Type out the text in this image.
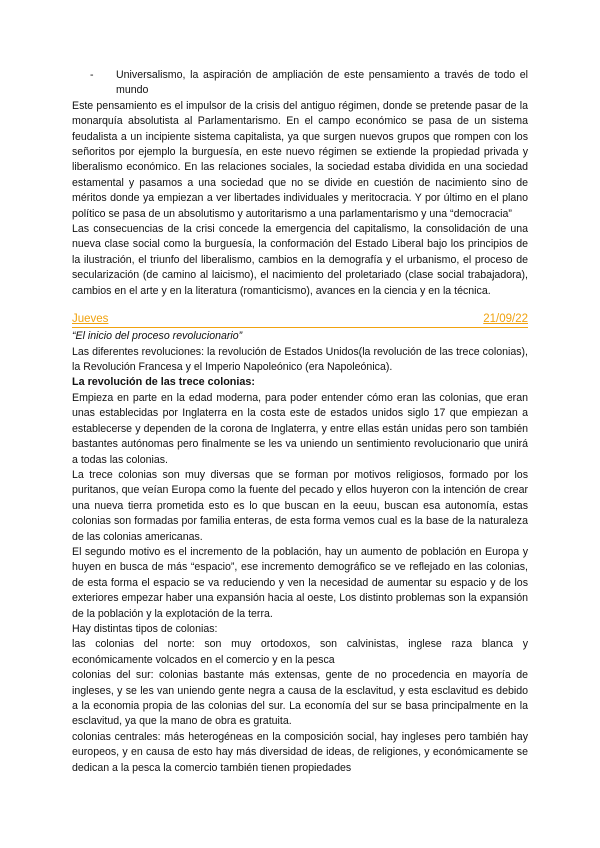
-	Universalismo, la aspiración de ampliación de este pensamiento a través de todo el mundo

Este pensamiento es el impulsor de la crisis del antiguo régimen, donde se pretende pasar de la monarquía absolutista al Parlamentarismo. En el campo económico se pasa de un sistema feudalista a un incipiente sistema capitalista, ya que surgen nuevos grupos que rompen con los señoritos por ejemplo la burguesía, en este nuevo régimen se extiende la propiedad privada y liberalismo económico. En las relaciones sociales, la sociedad estaba dividida en una sociedad estamental y pasamos a una sociedad que no se divide en cuestión de nacimiento sino de méritos donde ya empiezan a ver libertades individuales y meritocracia. Y por último en el plano político se pasa de un absolutismo y autoritarismo a una parlamentarismo y una “democracia”

Las consecuencias de la crisi concede la emergencia del capitalismo, la consolidación de una nueva clase social como la burguesía, la conformación del Estado Liberal bajo los principios de la ilustración, el triunfo del liberalismo, cambios en la demografía y el urbanismo, el proceso de secularización (de camino al laicismo), el nacimiento del proletariado (clase social trabajadora), cambios en el arte y en la literatura (romanticismo), avances en la ciencia y en la técnica.

Jueves	21/09/22

“El inicio del proceso revolucionario”

Las diferentes revoluciones: la revolución de Estados Unidos(la revolución de las trece colonias), la Revolución Francesa y el Imperio Napoleónico (era Napoleónica).

La revolución de las trece colonias:

Empieza en parte en la edad moderna, para poder entender cómo eran las colonias, que eran unas establecidas por Inglaterra en la costa este de estados unidos siglo 17 que empiezan a establecerse y dependen de la corona de Inglaterra, y entre ellas están unidas pero son también bastantes autónomas pero finalmente se les va uniendo un sentimiento revolucionario que unirá a todas las colonias.

La trece colonias son muy diversas que se forman por motivos religiosos, formado por los puritanos, que veían Europa como la fuente del pecado y ellos huyeron con la intención de crear una nueva tierra prometida esto es lo que buscan en la eeuu, buscan esa autonomía, estas colonias son formadas por familia enteras, de esta forma vemos cual es la base de la naturaleza de las colonias americanas.

El segundo motivo es el incremento de la población, hay un aumento de población en Europa y huyen en busca de más “espacio”, ese incremento demográfico se ve reflejado en las colonias, de esta forma el espacio se va reduciendo y ven la necesidad de aumentar su espacio y de los exteriores empezar haber una expansión hacia al oeste, Los distinto problemas son la expansión de la población y la explotación de la terra.

Hay distintas tipos de colonias:

las colonias del norte: son muy ortodoxos, son calvinistas, inglese raza blanca y económicamente volcados en el comercio y en la pesca

colonias del sur: colonias bastante más extensas, gente de no procedencia en mayoría de ingleses, y se les van uniendo gente negra a causa de la esclavitud, y esta esclavitud es debido a la economia propia de las colonias del sur. La economía del sur se basa principalmente en la esclavitud, ya que la mano de obra es gratuita.

colonias centrales: más heterogéneas en la composición social, hay ingleses pero también hay europeos, y en causa de esto hay más diversidad de ideas, de religiones, y económicamente se dedican a la pesca la comercio también tienen propiedades
